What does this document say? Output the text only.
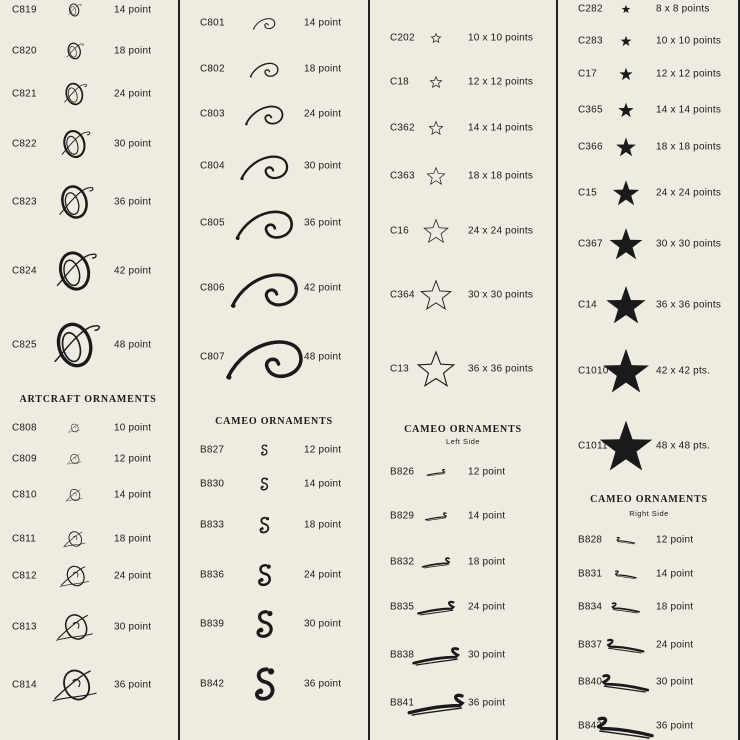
C819	14 point
C820	18 point
C821	24 point
C822	30 point
C823	36 point
C824	42 point
C825	48 point
ARTCRAFT ORNAMENTS
C808	10 point
C809	12 point
C810	14 point
C811	18 point
C812	24 point
C813	30 point
C814	36 point
C801	14 point
C802	18 point
C803	24 point
C804	30 point
C805	36 point
C806	42 point
C807	48 point
CAMEO ORNAMENTS
B827	12 point
B830	14 point
B833	18 point
B836	24 point
B839	30 point
B842	36 point
C202	10 x 10 points
C18	12 x 12 points
C362	14 x 14 points
C363	18 x 18 points
C16	24 x 24 points
C364	30 x 30 points
C13	36 x 36 points
CAMEO ORNAMENTS
Left Side
B826	12 point
B829	14 point
B832	18 point
B835	24 point
B838	30 point
B841	36 point
C282	8 x 8 points
C283	10 x 10 points
C17	12 x 12 points
C365	14 x 14 points
C366	18 x 18 points
C15	24 x 24 points
C367	30 x 30 points
C14	36 x 36 points
C1010	42 x 42 pts.
C1011	48 x 48 pts.
CAMEO ORNAMENTS
Right Side
B828	12 point
B831	14 point
B834	18 point
B837	24 point
B840	30 point
B843	36 point
